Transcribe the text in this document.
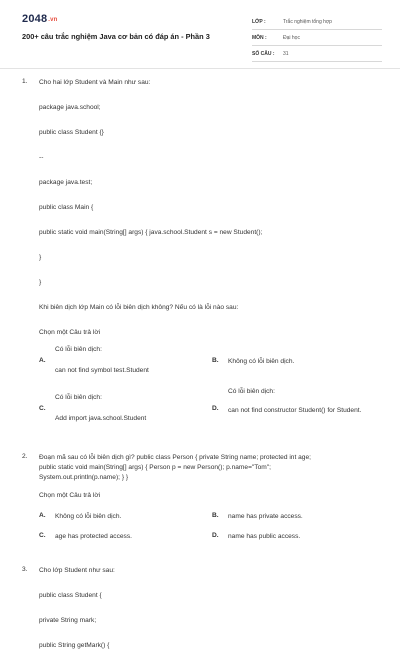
2048.vn
200+ câu trắc nghiệm Java cơ bản có đáp án - Phần 3
LỚP :	Trắc nghiệm tổng hợp
MÔN :	Đại học
SỐ CÂU :	31
1.	Cho hai lớp Student và Main như sau:
package java.school;
public class Student {}
--
package java.test;
public class Main {
public static void main(String[] args) { java.school.Student s = new Student();
}
}
Khi biên dịch lớp Main có lỗi biên dịch không? Nếu có là lỗi nào sau:
Chọn một Câu trả lời
A.
Có lỗi biên dịch:
can not find symbol test.Student
B. Không có lỗi biên dịch.
C.
Có lỗi biên dịch:
Add import java.school.Student
D.
Có lỗi biên dịch:
can not find constructor Student() for Student.
2.	Đoạn mã sau có lỗi biên dịch gì? public class Person { private String name; protected int age;
public static void main(String[] args) { Person p = new Person(); p.name="Tom";
System.out.println(p.name); } }
Chọn một Câu trả lời
A. Không có lỗi biên dịch.	B. name has private access.
C. age has protected access.	D. name has public access.
3.	Cho lớp Student như sau:
public class Student {
private String mark;
public String getMark() {
